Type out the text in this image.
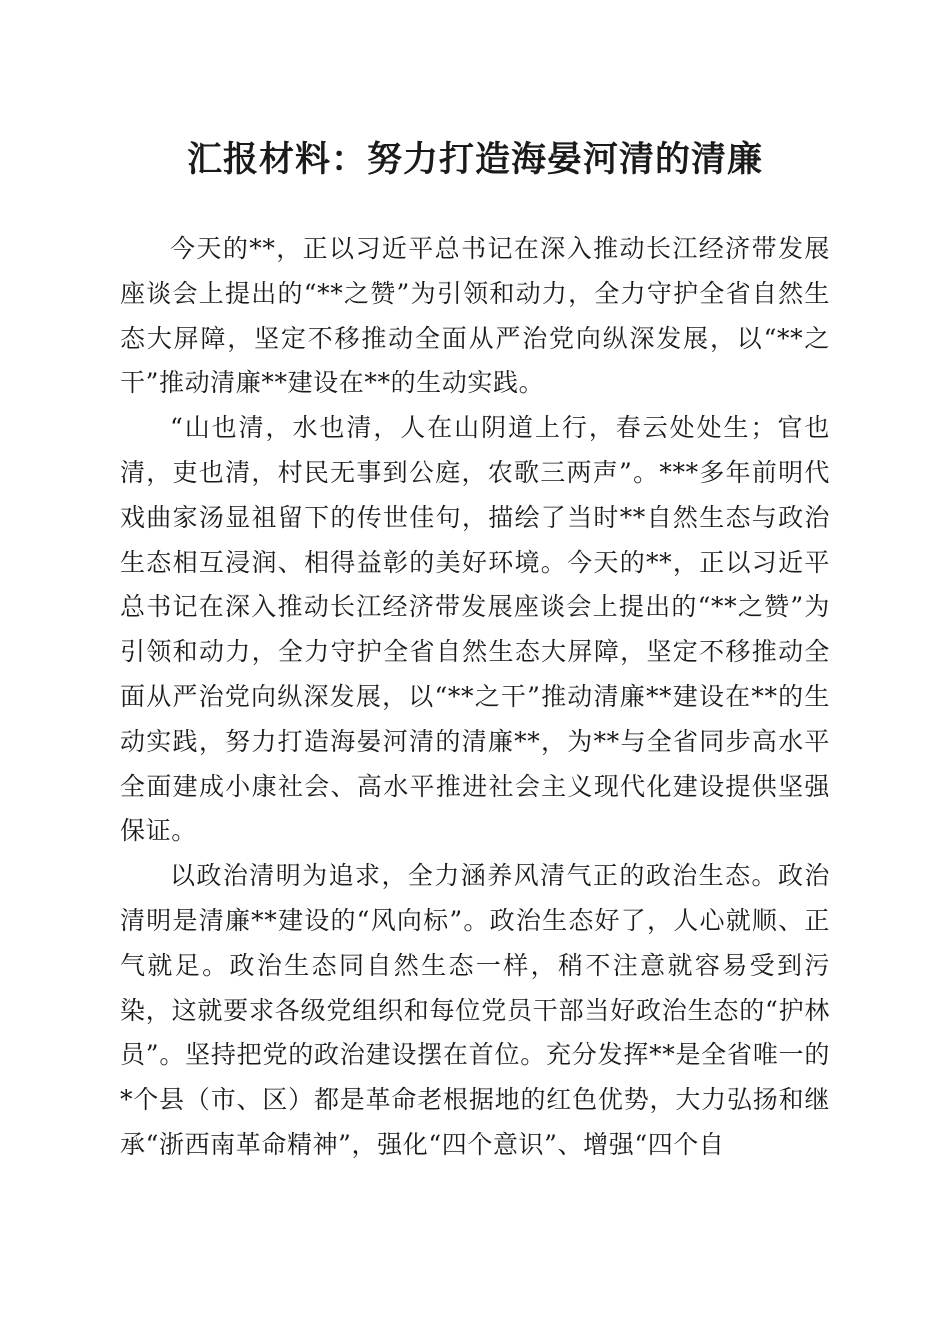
汇报材料：努力打造海晏河清的清廉

今天的**，正以习近平总书记在深入推动长江经济带发展座谈会上提出的“**之赞”为引领和动力，全力守护全省自然生态大屏障，坚定不移推动全面从严治党向纵深发展，以“**之干”推动清廉**建设在**的生动实践。

“山也清，水也清，人在山阴道上行，春云处处生；官也清，吏也清，村民无事到公庭，农歌三两声”。***多年前明代戏曲家汤显祖留下的传世佳句，描绘了当时**自然生态与政治生态相互浸润、相得益彰的美好环境。今天的**，正以习近平总书记在深入推动长江经济带发展座谈会上提出的“**之赞”为引领和动力，全力守护全省自然生态大屏障，坚定不移推动全面从严治党向纵深发展，以“**之干”推动清廉**建设在**的生动实践，努力打造海晏河清的清廉**，为**与全省同步高水平全面建成小康社会、高水平推进社会主义现代化建设提供坚强保证。

以政治清明为追求，全力涵养风清气正的政治生态。政治清明是清廉**建设的“风向标”。政治生态好了，人心就顺、正气就足。政治生态同自然生态一样，稍不注意就容易受到污染，这就要求各级党组织和每位党员干部当好政治生态的“护林员”。坚持把党的政治建设摆在首位。充分发挥**是全省唯一的*个县（市、区）都是革命老根据地的红色优势，大力弘扬和继承“浙西南革命精神”，强化“四个意识”、增强“四个自
